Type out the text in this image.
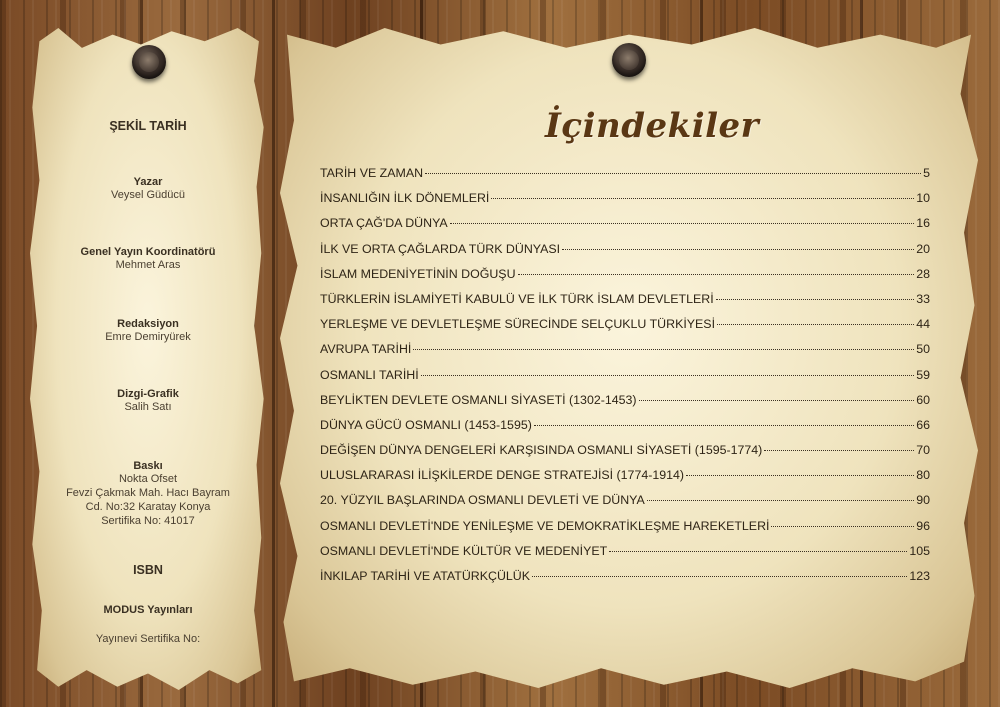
ŞEKİL TARİH
Yazar
Veysel Güdücü
Genel Yayın Koordinatörü
Mehmet Aras
Redaksiyon
Emre Demiryürek
Dizgi-Grafik
Salih Satı
Baskı
Nokta Ofset
Fevzi Çakmak Mah. Hacı Bayram
Cd. No:32 Karatay Konya
Sertifika No: 41017
ISBN
MODUS Yayınları
Yayınevi Sertifika No:
İçindekiler
TARİH VE ZAMAN	5
İNSANLIĞIN İLK DÖNEMLERİ	10
ORTA ÇAĞ'DA DÜNYA	16
İLK VE ORTA ÇAĞLARDA TÜRK DÜNYASI	20
İSLAM MEDENİYETİNİN DOĞUŞU	28
TÜRKLERİN İSLAMİYETİ KABULÜ VE İLK TÜRK İSLAM DEVLETLERİ	33
YERLEŞME VE DEVLETLEŞME SÜRECİNDE SELÇUKLU TÜRKİYESİ	44
AVRUPA TARİHİ	50
OSMANLI TARİHİ	59
BEYLİKTEN DEVLETE OSMANLI SİYASETİ (1302-1453)	60
DÜNYA GÜCÜ OSMANLI (1453-1595)	66
DEĞİŞEN DÜNYA DENGELERİ KARŞISINDA OSMANLI SİYASETİ (1595-1774)	70
ULUSLARARASI İLİŞKİLERDE DENGE STRATEJİSİ (1774-1914)	80
20. YÜZYIL BAŞLARINDA OSMANLI DEVLETİ VE DÜNYA	90
OSMANLI DEVLETİ'NDE YENİLEŞME VE DEMOKRATİKLEŞME HAREKETLERİ	96
OSMANLI DEVLETİ'NDE KÜLTÜR VE MEDENİYET	105
İNKILAP TARİHİ VE ATATÜRKÇÜLÜK	123
